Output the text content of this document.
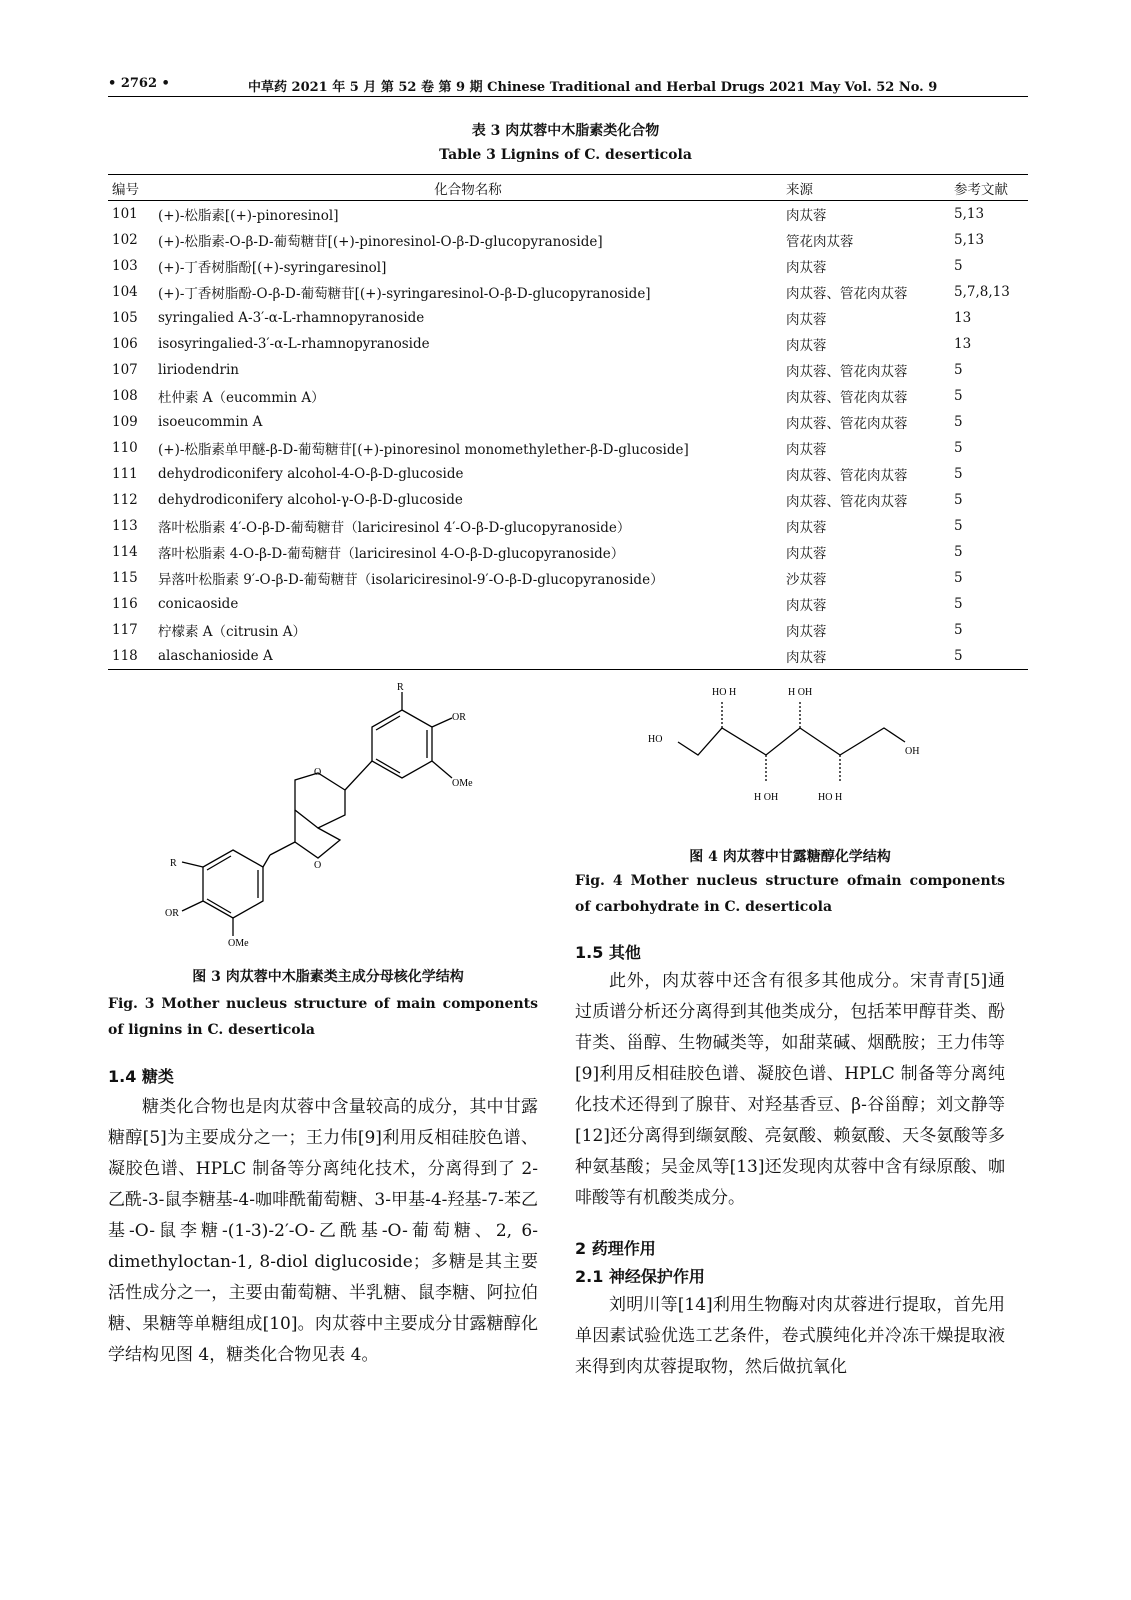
• 2762 •	中草药 2021 年 5 月 第 52 卷 第 9 期 Chinese Traditional and Herbal Drugs 2021 May Vol. 52 No. 9
表 3 肉苁蓉中木脂素类化合物
Table 3 Lignins of C. deserticola
编号	化合物名称	来源	参考文献
101	(+)-松脂素[(+)-pinoresinol]	肉苁蓉	5,13
102	(+)-松脂素-O-β-D-葡萄糖苷[(+)-pinoresinol-O-β-D-glucopyranoside]	管花肉苁蓉	5,13
103	(+)-丁香树脂酚[(+)-syringaresinol]	肉苁蓉	5
104	(+)-丁香树脂酚-O-β-D-葡萄糖苷[(+)-syringaresinol-O-β-D-glucopyranoside]	肉苁蓉、管花肉苁蓉	5,7,8,13
105	syringalied A-3′-α-L-rhamnopyranoside	肉苁蓉	13
106	isosyringalied-3′-α-L-rhamnopyranoside	肉苁蓉	13
107	liriodendrin	肉苁蓉、管花肉苁蓉	5
108	杜仲素 A（eucommin A）	肉苁蓉、管花肉苁蓉	5
109	isoeucommin A	肉苁蓉、管花肉苁蓉	5
110	(+)-松脂素单甲醚-β-D-葡萄糖苷[(+)-pinoresinol monomethylether-β-D-glucoside]	肉苁蓉	5
111	dehydrodiconifery alcohol-4-O-β-D-glucoside	肉苁蓉、管花肉苁蓉	5
112	dehydrodiconifery alcohol-γ-O-β-D-glucoside	肉苁蓉、管花肉苁蓉	5
113	落叶松脂素 4′-O-β-D-葡萄糖苷（lariciresinol 4′-O-β-D-glucopyranoside）	肉苁蓉	5
114	落叶松脂素 4-O-β-D-葡萄糖苷（lariciresinol 4-O-β-D-glucopyranoside）	肉苁蓉	5
115	异落叶松脂素 9′-O-β-D-葡萄糖苷（isolariciresinol-9′-O-β-D-glucopyranoside）	沙苁蓉	5
116	conicaoside	肉苁蓉	5
117	柠檬素 A（citrusin A）	肉苁蓉	5
118	alaschanioside A	肉苁蓉	5
R
OR
OMe
O
O
R
OR
OMe
HO H	H OH
HO
OH
H OH	HO H
图 3 肉苁蓉中木脂素类主成分母核化学结构
Fig. 3 Mother nucleus structure of main components of lignins in C. deserticola
图 4 肉苁蓉中甘露糖醇化学结构
Fig. 4 Mother nucleus structure ofmain components of carbohydrate in C. deserticola
1.4 糖类

糖类化合物也是肉苁蓉中含量较高的成分，其中甘露糖醇[5]为主要成分之一；王力伟[9]利用反相硅胶色谱、凝胶色谱、HPLC 制备等分离纯化技术，分离得到了 2-乙酰-3-鼠李糖基-4-咖啡酰葡萄糖、3-甲基-4-羟基-7-苯乙基-O-鼠李糖-(1-3)-2′-O-乙酰基-O-葡萄糖、2, 6-dimethyloctan-1, 8-diol diglucoside；多糖是其主要活性成分之一，主要由葡萄糖、半乳糖、鼠李糖、阿拉伯糖、果糖等单糖组成[10]。肉苁蓉中主要成分甘露糖醇化学结构见图 4，糖类化合物见表 4。

1.5 其他

此外，肉苁蓉中还含有很多其他成分。宋青青[5]通过质谱分析还分离得到其他类成分，包括苯甲醇苷类、酚苷类、甾醇、生物碱类等，如甜菜碱、烟酰胺；王力伟等[9]利用反相硅胶色谱、凝胶色谱、HPLC 制备等分离纯化技术还得到了腺苷、对羟基香豆、β-谷甾醇；刘文静等[12]还分离得到缬氨酸、亮氨酸、赖氨酸、天冬氨酸等多种氨基酸；吴金凤等[13]还发现肉苁蓉中含有绿原酸、咖啡酸等有机酸类成分。

2 药理作用
2.1 神经保护作用

刘明川等[14]利用生物酶对肉苁蓉进行提取，首先用单因素试验优选工艺条件，卷式膜纯化并冷冻干燥提取液来得到肉苁蓉提取物，然后做抗氧化
